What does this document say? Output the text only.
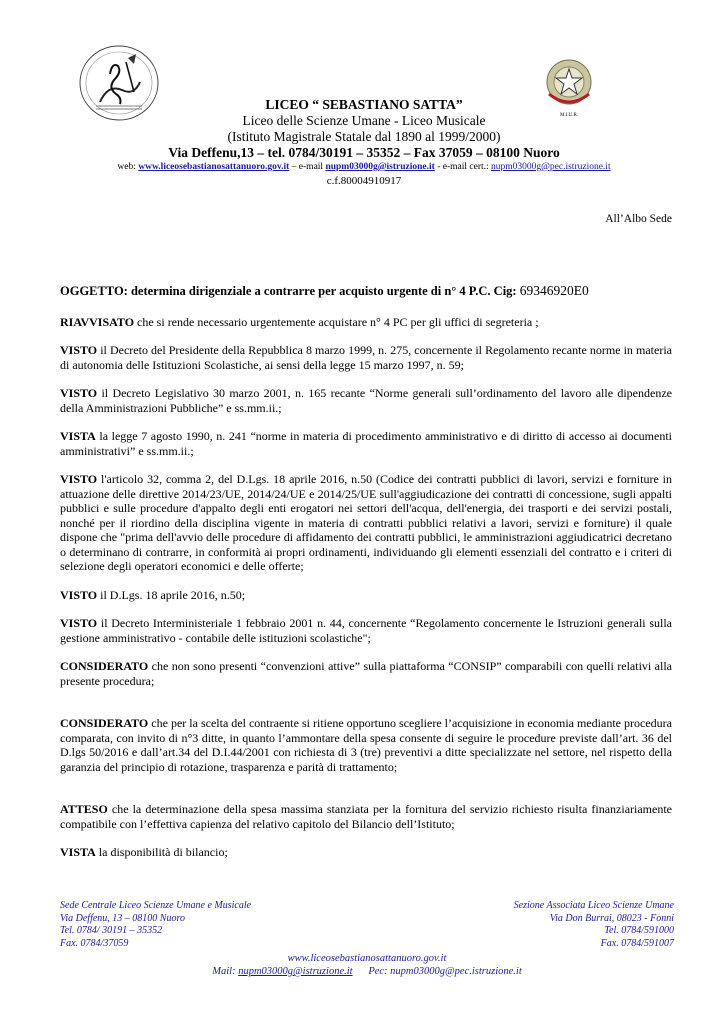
M.I.U.R.
LICEO “ SEBASTIANO SATTA”
Liceo delle Scienze Umane - Liceo Musicale
(Istituto Magistrale Statale dal 1890 al 1999/2000)
Via Deffenu,13 – tel. 0784/30191 – 35352 – Fax 37059 – 08100 Nuoro
web: www.liceosebastianosattanuoro.gov.it – e-mail nupm03000g@istruzione.it - e-mail cert.: nupm03000g@pec.istruzione.it
c.f.80004910917
All’Albo Sede
OGGETTO: determina dirigenziale a contrarre per acquisto urgente di n° 4 P.C. Cig: 69346920E0

RIAVVISATO che si rende necessario urgentemente acquistare n° 4 PC per gli uffici di segreteria ;

VISTO il Decreto del Presidente della Repubblica 8 marzo 1999, n. 275, concernente il Regolamento recante norme in materia di autonomia delle Istituzioni Scolastiche, ai sensi della legge 15 marzo 1997, n. 59;

VISTO il Decreto Legislativo 30 marzo 2001, n. 165 recante “Norme generali sull’ordinamento del lavoro alle dipendenze della Amministrazioni Pubbliche” e ss.mm.ii.;

VISTA la legge 7 agosto 1990, n. 241 “norme in materia di procedimento amministrativo e di diritto di accesso ai documenti amministrativi” e ss.mm.ii.;

VISTO l'articolo 32, comma 2, del D.Lgs. 18 aprile 2016, n.50 (Codice dei contratti pubblici di lavori, servizi e forniture in attuazione delle direttive 2014/23/UE, 2014/24/UE e 2014/25/UE sull'aggiudicazione dei contratti di concessione, sugli appalti pubblici e sulle procedure d'appalto degli enti erogatori nei settori dell'acqua, dell'energia, dei trasporti e dei servizi postali, nonché per il riordino della disciplina vigente in materia di contratti pubblici relativi a lavori, servizi e forniture) il quale dispone che "prima dell'avvio delle procedure di affidamento dei contratti pubblici, le amministrazioni aggiudicatrici decretano o determinano di contrarre, in conformità ai propri ordinamenti, individuando gli elementi essenziali del contratto e i criteri di selezione degli operatori economici e delle offerte;

VISTO il D.Lgs. 18 aprile 2016, n.50;

VISTO il Decreto Interministeriale 1 febbraio 2001 n. 44, concernente “Regolamento concernente le Istruzioni generali sulla gestione amministrativo - contabile delle istituzioni scolastiche";

CONSIDERATO che non sono presenti “convenzioni attive” sulla piattaforma “CONSIP” comparabili con quelli relativi alla presente procedura;

CONSIDERATO che per la scelta del contraente si ritiene opportuno scegliere l’acquisizione in economia mediante procedura comparata, con invito di n°3 ditte, in quanto l’ammontare della spesa consente di seguire le procedure previste dall’art. 36 del D.lgs 50/2016 e dall’art.34 del D.I.44/2001 con richiesta di 3 (tre) preventivi a ditte specializzate nel settore, nel rispetto della garanzia del principio di rotazione, trasparenza e parità di trattamento;

ATTESO che la determinazione della spesa massima stanziata per la fornitura del servizio richiesto risulta finanziariamente compatibile con l’effettiva capienza del relativo capitolo del Bilancio dell’Istituto;

VISTA la disponibilità di bilancio;

Sede Centrale Liceo Scienze Umane e Musicale
Via Deffenu, 13 – 08100 Nuoro
Tel. 0784/ 30191 – 35352
Fax. 0784/37059
Sezione Associata Liceo Scienze Umane
Via Don Burrai, 08023 - Fonni
Tel. 0784/591000
Fax. 0784/591007
www.liceosebastianosattanuoro.gov.it
Mail: nupm03000g@istruzione.it Pec: nupm03000g@pec.istruzione.it
